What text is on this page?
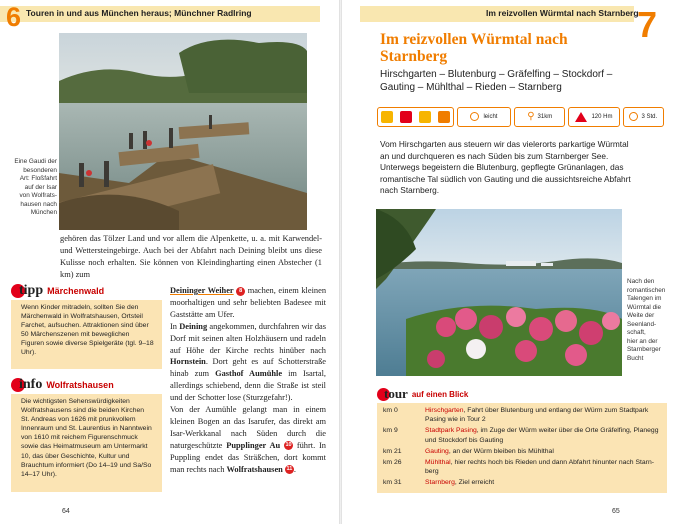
6 Touren in und aus München heraus; Münchner Radlring
Eine Gaudi der
besonderen
Art: Floßfahrt
auf der Isar
von Wolfrats-
hausen nach
München
gehören das Tölzer Land und vor allem die Alpenkette, u. a. mit Karwendel- und Wettersteingebirge. Auch bei der Abfahrt nach Deining bleibt uns diese Kulisse noch erhalten. Sie können von Kleindingharting einen Abstecher (1 km) zum
Deininger Weiher 8 machen, einem kleinen moorhaltigen und sehr beliebten Badesee mit Gaststätte am Ufer.
In Deining angekommen, durchfahren wir das Dorf mit seinen alten Holzhäusern und radeln auf Höhe der Kirche rechts hinüber nach Hornstein. Dort geht es auf Schotterstraße hinab zum Gasthof Aumühle im Isartal, allerdings schiebend, denn die Straße ist steil und der Schotter lose (Sturzgefahr!).
Von der Aumühle gelangt man in einem kleinen Bogen an das Isarufer, das direkt am Isar-Werkkanal nach Süden durch die naturgeschützte Pupplinger Au 10 führt. In Puppling endet das Sträßchen, dort kommt man rechts nach Wolfratshausen 11 .
tipp Märchenwald
Wenn Kinder mitradeln, sollten Sie den Märchenwald in Wolfratshausen, Ortsteil Farchet, aufsuchen. Attraktionen sind über 50 Märchenszenen mit beweglichen Figuren sowie diverse Spielgeräte (tgl. 9–18 Uhr).
info Wolfratshausen
Die wichtigsten Sehenswürdigkeiten Wolfratshausens sind die beiden Kirchen St. Andreas von 1626 mit prunkvollem Innenraum und St. Laurentius in Nanntwein von 1610 mit reichem Figurenschmuck sowie das Heimatmuseum am Untermarkt 10, das über Geschichte, Kultur und Brauchtum informiert (Do 14–19 und Sa/So 14–17 Uhr).
64
Im reizvollen Würmtal nach Starnberg
7
Im reizvollen Würmtal nach Starnberg
Hirschgarten – Blutenburg – Gräfelfing – Stockdorf – Gauting – Mühlthal – Rieden – Starnberg
leicht	⚲ 31km	120 Hm	3 Std.
Vom Hirschgarten aus steuern wir das vielerorts parkartige Würmtal an und durchqueren es nach Süden bis zum Starnberger See. Unterwegs begeistern die Blutenburg, gepflegte Grünanlagen, das romantische Tal südlich von Gauting und die aussichtsreiche Abfahrt nach Starnberg.
Nach den
romantischen
Talengen im
Würmtal die
Weite der
Seenland-
schaft,
hier an der
Starnberger
Bucht
tour auf einen Blick
km 0	Hirschgarten, Fahrt über Blutenburg und entlang der Würm zum Stadtpark
Pasing wie in Tour 2
km 9	Stadtpark Pasing, im Zuge der Würm weiter über die Orte Gräfelfing, Planegg
und Stockdorf bis Gauting
km 21	Gauting, an der Würm bleiben bis Mühlthal
km 26	Mühlthal, hier rechts hoch bis Rieden und dann Abfahrt hinunter nach Starn-
berg
km 31	Starnberg, Ziel erreicht
65
